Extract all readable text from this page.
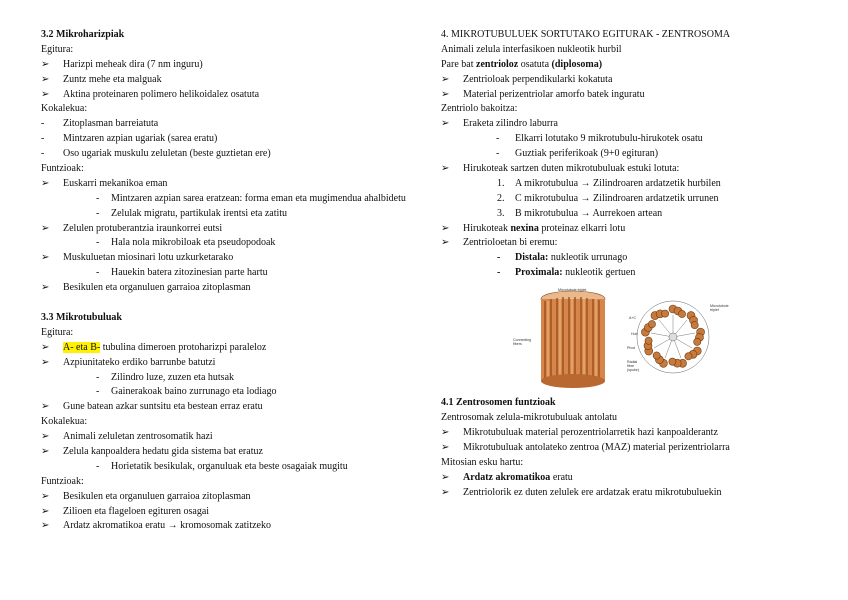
3.2 Mikroharizpiak
Egitura:
➢ Harizpi meheak dira (7 nm inguru)
➢ Zuntz mehe eta malguak
➢ Aktina proteinaren polimero helikoidalez osatuta
Kokalekua:
- Zitoplasman barreiatuta
- Mintzaren azpian ugariak (sarea eratu)
- Oso ugariak muskulu zeluletan (beste guztietan ere)
Funtzioak:
➢ Euskarri mekanikoa eman
- Mintzaren azpian sarea eratzean: forma eman eta mugimendua ahalbidetu
- Zelulak migratu, partikulak irentsi eta zatitu
➢ Zelulen protuberantzia iraunkorrei eutsi
- Hala nola mikrobiloak eta pseudopodoak
➢ Muskuluetan miosinari lotu uzkurketarako
- Hauekin batera zitozinesian parte hartu
➢ Besikulen eta organuluen garraioa zitoplasman
3.3 Mikrotubuluak
Egitura:
➢ A- eta B- tubulina dimeroen protoharizpi paraleloz
➢ Azpiunitateko erdiko barrunbe batutzi
- Zilindro luze, zuzen eta hutsak
- Gainerakoak baino zurrunago eta lodiago
➢ Gune batean azkar suntsitu eta bestean erraz eratu
Kokalekua:
➢ Animali zeluletan zentrosomatik hazi
➢ Zelula kanpoaldera hedatu gida sistema bat eratuz
- Horietatik besikulak, organuluak eta beste osagaiak mugitu
Funtzioak:
➢ Besikulen eta organuluen garraioa zitoplasman
➢ Zilioen eta flageloen egituren osagai
➢ Ardatz akromatikoa eratu → kromosomak zatitzeko
4. MIKROTUBULUEK SORTUTAKO EGITURAK - ZENTROSOMA
Animali zelula interfasikoen nukleotik hurbil
Pare bat zentrioloz osatuta (diplosoma)
➢ Zentrioloak perpendikularki kokatuta
➢ Material perizentriolar amorfo batek inguratu
Zentriolo bakoitza:
➢ Eraketa zilindro laburra
- Elkarri lotutako 9 mikrotubulu-hirukotek osatu
- Guztiak periferikoak (9+0 egituran)
➢ Hirukoteak sartzen duten mikrotubuluak estuki lotuta:
1. A mikrotubulua → Zilindroaren ardatzetik hurbilen
2. C mikrotubulua → Zilindroaren ardatzetik urrunen
3. B mikrotubulua → Aurrekoen artean
➢ Hirukoteak nexina proteinaz elkarri lotu
➢ Zentrioloetan bi eremu:
- Distala: nukleotik urrunago
- Proximala: nukleotik gertuen
Microtubule triplet
Microtubule
triplet
A+C
Connecting
fibers
Pivot
Radial
fibre
(spoke)
Hub
4.1 Zentrosomen funtzioak
Zentrosomak zelula-mikrotubuluak antolatu
➢ Mikrotubuluak material perozentriolarretik hazi kanpoalderantz
➢ Mikrotubuluak antolateko zentroa (MAZ) material perizentriolarra
Mitosian esku hartu:
➢ Ardatz akromatikoa eratu
➢ Zentriolorik ez duten zelulek ere ardatzak eratu mikrotubuluekin
